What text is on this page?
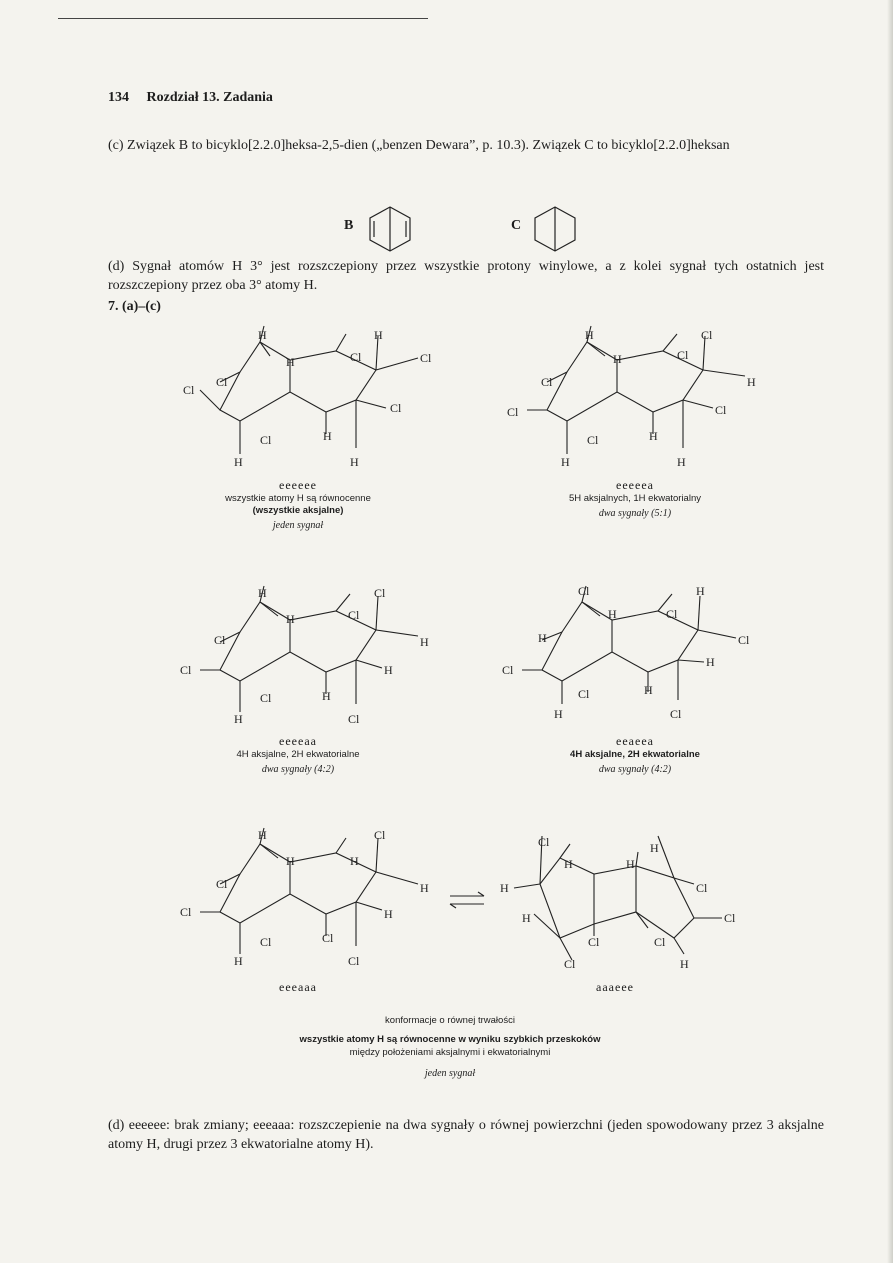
134 Rozdział 13. Zadania
(c) Związek B to bicyklo[2.2.0]heksa-2,5-dien („benzen Dewara”, p. 10.3). Związek C to bicyklo[2.2.0]heksan
B	C
(d) Sygnał atomów H 3° jest rozszczepiony przez wszystkie protony winylowe, a z kolei sygnał tych ostatnich jest rozszczepiony przez oba 3° atomy H.
7. (a)–(c)
H	H
H	Cl
Cl
Cl
Cl
Cl
Cl	H
H	H
eeeeee
wszystkie atomy H są równocenne
(wszystkie aksjalne)
jeden sygnał
H	Cl
H	Cl
Cl	H
Cl	Cl
Cl	H
H	H
eeeeea
5H aksjalnych, 1H ekwatorialny
dwa sygnały (5:1)
H	Cl
H	Cl
Cl	H
Cl	H
Cl	H
H	Cl
eeeeaa
4H aksjalne, 2H ekwatorialne
dwa sygnały (4:2)
Cl	H
H	Cl
H	Cl
Cl
H
Cl	H
H	Cl
eeaeea
4H aksjalne, 2H ekwatorialne
dwa sygnały (4:2)
H	Cl
H	H
Cl	H
Cl	H
Cl	Cl
H	Cl
eeeaaa
Cl	H
H	H
H	Cl
H	Cl
Cl	Cl
Cl	H
aaaeee
konformacje o równej trwałości
wszystkie atomy H są równocenne w wyniku szybkich przeskoków
między położeniami aksjalnymi i ekwatorialnymi
jeden sygnał
(d) eeeeee: brak zmiany; eeeaaa: rozszczepienie na dwa sygnały o równej powierzchni (jeden spowodowany przez 3 aksjalne atomy H, drugi przez 3 ekwatorialne atomy H).
